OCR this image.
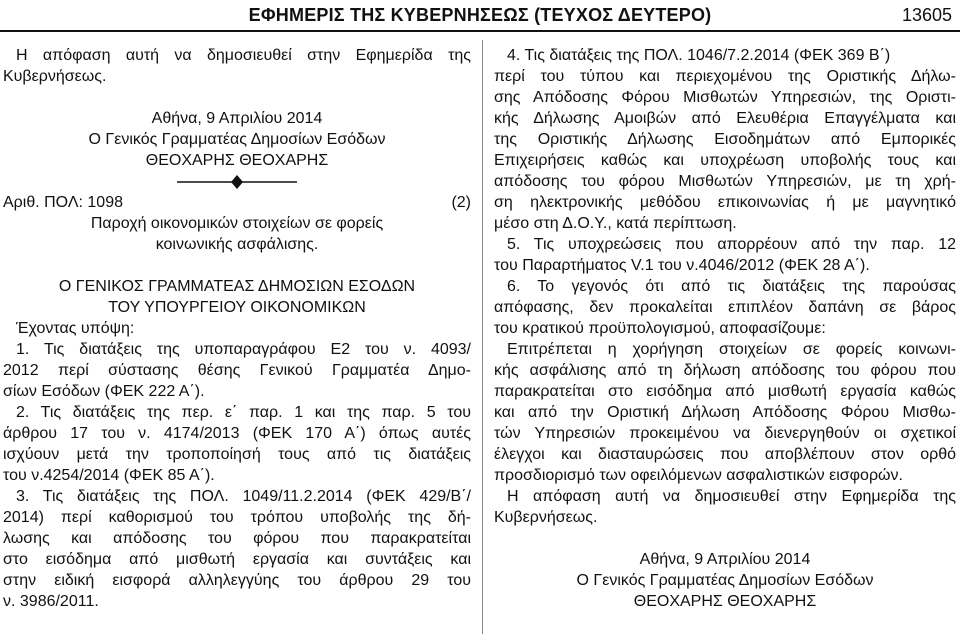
ΕΦΗΜΕΡΙΣ ΤΗΣ ΚΥΒΕΡΝΗΣΕΩΣ (ΤΕΥΧΟΣ ΔΕΥΤΕΡΟ)	13605
Η απόφαση αυτή να δημοσιευθεί στην Εφημερίδα της
Κυβερνήσεως.
Αθήνα, 9 Απριλίου 2014
Ο Γενικός Γραμματέας Δημοσίων Εσόδων
ΘΕΟΧΑΡΗΣ ΘΕΟΧΑΡΗΣ
Αριθ. ΠΟΛ: 1098	(2)
Παροχή οικονομικών στοιχείων σε φορείς
κοινωνικής ασφάλισης.
Ο ΓΕΝΙΚΟΣ ΓΡΑΜΜΑΤΕΑΣ ΔΗΜΟΣΙΩΝ ΕΣΟΔΩΝ
ΤΟΥ ΥΠΟΥΡΓΕΙΟΥ ΟΙΚΟΝΟΜΙΚΩΝ
Έχοντας υπόψη:
1. Τις διατάξεις της υποπαραγράφου Ε2 του ν. 4093/
2012 περί σύστασης θέσης Γενικού Γραμματέα Δημο-
σίων Εσόδων (ΦΕΚ 222 Α΄).
2. Τις διατάξεις της περ. ε΄ παρ. 1 και της παρ. 5 του
άρθρου 17 του ν. 4174/2013 (ΦΕΚ 170 Α΄) όπως αυτές
ισχύουν μετά την τροποποίησή τους από τις διατάξεις
του ν.4254/2014 (ΦΕΚ 85 Α΄).
3. Τις διατάξεις της ΠΟΛ. 1049/11.2.2014 (ΦΕΚ 429/Β΄/
2014) περί καθορισμού του τρόπου υποβολής της δή-
λωσης και απόδοσης του φόρου που παρακρατείται
στο εισόδημα από μισθωτή εργασία και συντάξεις και
στην ειδική εισφορά αλληλεγγύης του άρθρου 29 του
ν. 3986/2011.
4. Τις διατάξεις της ΠΟΛ. 1046/7.2.2014 (ΦΕΚ 369 Β΄)
περί του τύπου και περιεχομένου της Οριστικής Δήλω-
σης Απόδοσης Φόρου Μισθωτών Υπηρεσιών, της Οριστι-
κής Δήλωσης Αμοιβών από Ελευθέρια Επαγγέλματα και
της Οριστικής Δήλωσης Εισοδημάτων από Εμπορικές
Επιχειρήσεις καθώς και υποχρέωση υποβολής τους και
απόδοσης του φόρου Μισθωτών Υπηρεσιών, με τη χρή-
ση ηλεκτρονικής μεθόδου επικοινωνίας ή με μαγνητικό
μέσο στη Δ.Ο.Υ., κατά περίπτωση.
5. Τις υποχρεώσεις που απορρέουν από την παρ. 12
του Παραρτήματος V.1 του ν.4046/2012 (ΦΕΚ 28 Α΄).
6. Το γεγονός ότι από τις διατάξεις της παρούσας
απόφασης, δεν προκαλείται επιπλέον δαπάνη σε βάρος
του κρατικού προϋπολογισμού, αποφασίζουμε:
Επιτρέπεται η χορήγηση στοιχείων σε φορείς κοινωνι-
κής ασφάλισης από τη δήλωση απόδοσης του φόρου που
παρακρατείται στο εισόδημα από μισθωτή εργασία καθώς
και από την Οριστική Δήλωση Απόδοσης Φόρου Μισθω-
τών Υπηρεσιών προκειμένου να διενεργηθούν οι σχετικοί
έλεγχοι και διασταυρώσεις που αποβλέπουν στον ορθό
προσδιορισμό των οφειλόμενων ασφαλιστικών εισφορών.
Η απόφαση αυτή να δημοσιευθεί στην Εφημερίδα της
Κυβερνήσεως.
Αθήνα, 9 Απριλίου 2014
Ο Γενικός Γραμματέας Δημοσίων Εσόδων
ΘΕΟΧΑΡΗΣ ΘΕΟΧΑΡΗΣ
